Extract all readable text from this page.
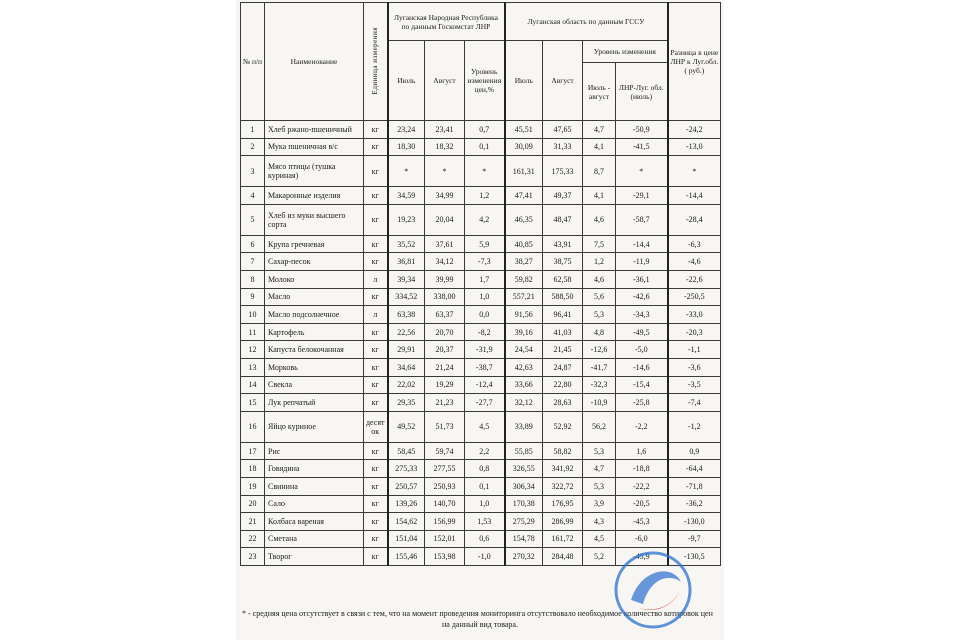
№ п/п	Наименование	Единица измерения	Луганская Народная Республика по данным Госкомстат ЛНР			Луганская область по данным ГССУ				Разница в цене ЛНР к Луг.обл. ( руб.)
			Июль	Август	Уровень изменения цен,%	Июль	Август	Уровень изменения		
								Июль - август	ЛНР-Луг. обл. (июль)	
1	Хлеб ржано-пшеничный	кг	23,24	23,41	0,7	45,51	47,65	4,7	-50,9	-24,2
2	Мука пшеничная в/с	кг	18,30	18,32	0,1	30,09	31,33	4,1	-41,5	-13,0
3	Мясо птицы (тушка куриная)	кг	*	*	*	161,31	175,33	8,7	*	*
4	Макаронные изделия	кг	34,59	34,99	1,2	47,41	49,37	4,1	-29,1	-14,4
5	Хлеб из муки высшего сорта	кг	19,23	20,04	4,2	46,35	48,47	4,6	-58,7	-28,4
6	Крупа гречневая	кг	35,52	37,61	5,9	40,85	43,91	7,5	-14,4	-6,3
7	Сахар-песок	кг	36,81	34,12	-7,3	38,27	38,75	1,2	-11,9	-4,6
8	Молоко	л	39,34	39,99	1,7	59,82	62,58	4,6	-36,1	-22,6
9	Масло	кг	334,52	338,00	1,0	557,21	588,50	5,6	-42,6	-250,5
10	Масло подсолнечное	л	63,38	63,37	0,0	91,56	96,41	5,3	-34,3	-33,0
11	Картофель	кг	22,56	20,70	-8,2	39,16	41,03	4,8	-49,5	-20,3
12	Капуста белокочанная	кг	29,91	20,37	-31,9	24,54	21,45	-12,6	-5,0	-1,1
13	Морковь	кг	34,64	21,24	-38,7	42,63	24,87	-41,7	-14,6	-3,6
14	Свекла	кг	22,02	19,29	-12,4	33,66	22,80	-32,3	-15,4	-3,5
15	Лук репчатый	кг	29,35	21,23	-27,7	32,12	28,63	-10,9	-25,8	-7,4
16	Яйцо куриное	десят ок	49,52	51,73	4,5	33,89	52,92	56,2	-2,2	-1,2
17	Рис	кг	58,45	59,74	2,2	55,85	58,82	5,3	1,6	0,9
18	Говядина	кг	275,33	277,55	0,8	326,55	341,92	4,7	-18,8	-64,4
19	Свинина	кг	250,57	250,93	0,1	306,34	322,72	5,3	-22,2	-71,8
20	Сало	кг	139,26	140,70	1,0	170,38	176,95	3,9	-20,5	-36,2
21	Колбаса вареная	кг	154,62	156,99	1,53	275,29	286,99	4,3	-45,3	-130,0
22	Сметана	кг	151,04	152,01	0,6	154,78	161,72	4,5	-6,0	-9,7
23	Творог	кг	155,46	153,98	-1,0	270,32	284,48	5,2	-45,9	-130,5
* - средняя цена отсутствует в связи с тем, что на момент проведения мониторинга отсутствовало необходимое количество котировок цен
на данный вид товара.
